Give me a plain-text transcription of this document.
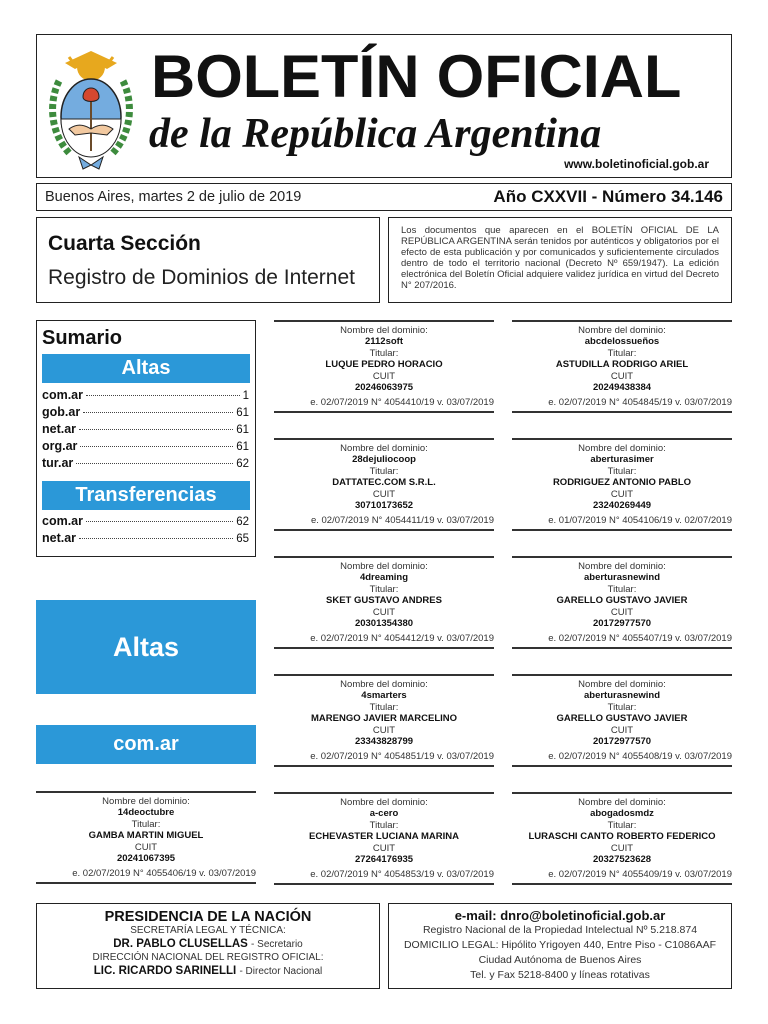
BOLETÍN OFICIAL
de la República Argentina
www.boletinoficial.gob.ar
Buenos Aires, martes 2 de julio de 2019	Año CXXVII - Número 34.146
Cuarta Sección
Registro de Dominios de Internet
Los documentos que aparecen en el BOLETÍN OFICIAL DE LA REPÚBLICA ARGENTINA serán tenidos por auténticos y obligatorios por el efecto de esta publicación y por comunicados y suficientemente circulados dentro de todo el territorio nacional (Decreto Nº 659/1947). La edición electrónica del Boletín Oficial adquiere validez jurídica en virtud del Decreto N° 207/2016.
Sumario
Altas
com.ar	1
gob.ar	61
net.ar	61
org.ar	61
tur.ar	62
Transferencias
com.ar	62
net.ar	65
Altas
com.ar
Nombre del dominio:
14deoctubre
Titular:
GAMBA MARTIN MIGUEL
CUIT
20241067395
e. 02/07/2019 N° 4055406/19 v. 03/07/2019
Nombre del dominio:
2112soft
Titular:
LUQUE PEDRO HORACIO
CUIT
20246063975
e. 02/07/2019 N° 4054410/19 v. 03/07/2019
Nombre del dominio:
28dejuliocoop
Titular:
DATTATEC.COM S.R.L.
CUIT
30710173652
e. 02/07/2019 N° 4054411/19 v. 03/07/2019
Nombre del dominio:
4dreaming
Titular:
SKET GUSTAVO ANDRES
CUIT
20301354380
e. 02/07/2019 N° 4054412/19 v. 03/07/2019
Nombre del dominio:
4smarters
Titular:
MARENGO JAVIER MARCELINO
CUIT
23343828799
e. 02/07/2019 N° 4054851/19 v. 03/07/2019
Nombre del dominio:
a-cero
Titular:
ECHEVASTER LUCIANA MARINA
CUIT
27264176935
e. 02/07/2019 N° 4054853/19 v. 03/07/2019
Nombre del dominio:
abcdelossueños
Titular:
ASTUDILLA RODRIGO ARIEL
CUIT
20249438384
e. 02/07/2019 N° 4054845/19 v. 03/07/2019
Nombre del dominio:
aberturasimer
Titular:
RODRIGUEZ ANTONIO PABLO
CUIT
23240269449
e. 01/07/2019 N° 4054106/19 v. 02/07/2019
Nombre del dominio:
aberturasnewind
Titular:
GARELLO GUSTAVO JAVIER
CUIT
20172977570
e. 02/07/2019 N° 4055407/19 v. 03/07/2019
Nombre del dominio:
aberturasnewind
Titular:
GARELLO GUSTAVO JAVIER
CUIT
20172977570
e. 02/07/2019 N° 4055408/19 v. 03/07/2019
Nombre del dominio:
abogadosmdz
Titular:
LURASCHI CANTO ROBERTO FEDERICO
CUIT
20327523628
e. 02/07/2019 N° 4055409/19 v. 03/07/2019
PRESIDENCIA DE LA NACIÓN
SECRETARÍA LEGAL Y TÉCNICA:
DR. PABLO CLUSELLAS - Secretario
DIRECCIÓN NACIONAL DEL REGISTRO OFICIAL:
LIC. RICARDO SARINELLI - Director Nacional
e-mail: dnro@boletinoficial.gob.ar
Registro Nacional de la Propiedad Intelectual Nº 5.218.874
DOMICILIO LEGAL: Hipólito Yrigoyen 440, Entre Piso - C1086AAF
Ciudad Autónoma de Buenos Aires
Tel. y Fax 5218-8400 y líneas rotativas
